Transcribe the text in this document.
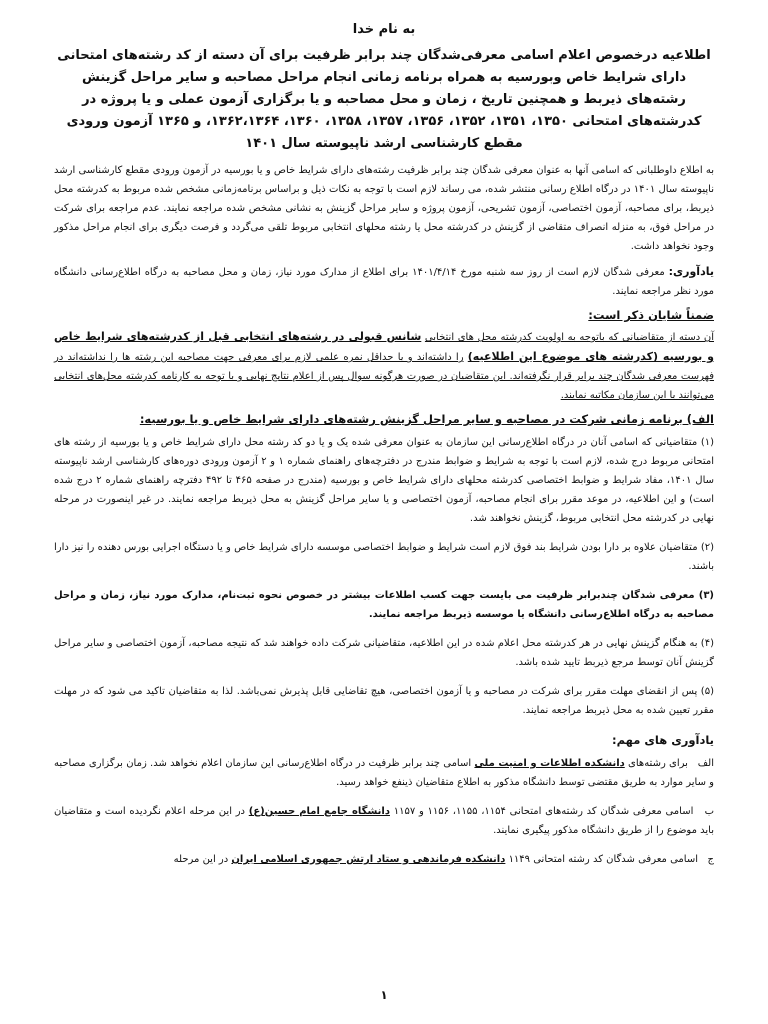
به نام خدا
اطلاعیه درخصوص اعلام اسامی معرفی‌شدگان چند برابر ظرفیت برای آن دسته از کد رشته‌های امتحانی دارای شرایط خاص وبورسیه به همراه برنامه زمانی انجام مراحل مصاحبه و سایر مراحل گزینش رشته‌های ذیربط و همچنین تاریخ ، زمان و محل مصاحبه و یا برگزاری آزمون عملی و یا پروژه در کدرشته‌های امتحانی ۱۳۵۰، ۱۳۵۱، ۱۳۵۲، ۱۳۵۶، ۱۳۵۷، ۱۳۵۸، ۱۳۶۰، ۱۳۶۲،۱۳۶۴، و ۱۳۶۵ آزمون ورودی مقطع کارشناسی ارشد ناپیوسته سال ۱۴۰۱

به اطلاع داوطلبانی که اسامی آنها به عنوان معرفی شدگان چند برابر ظرفیت رشته‌های دارای شرایط خاص و یا بورسیه در آزمون ورودی مقطع کارشناسی ارشد ناپیوسته سال ۱۴۰۱ در درگاه اطلاع رسانی منتشر شده، می رساند لازم است با توجه به نکات ذیل و براساس برنامه‌زمانی مشخص شده مربوط به کدرشته محل ذیربط، برای مصاحبه، آزمون اختصاصی، آزمون تشریحی، آزمون پروژه و سایر مراحل گزینش به نشانی مشخص شده مراجعه نمایند. عدم مراجعه برای شرکت در مراحل فوق، به منزله انصراف متقاضی از گزینش در کدرشته محل یا رشته محلهای انتخابی مربوط تلقی می‌گردد و فرصت دیگری برای انجام مراحل مذکور وجود نخواهد داشت.

یادآوری: معرفی شدگان لازم است از روز سه شنبه مورخ ۱۴۰۱/۴/۱۴ برای اطلاع از مدارک مورد نیاز، زمان و محل مصاحبه به درگاه اطلاع‌رسانی دانشگاه مورد نظر مراجعه نمایند.

ضمناً شایان ذکر است:

آن دسته از متقاضیانی که باتوجه به اولویت کدرشته محل های انتخابی شانس قبولی در رشته‌های انتخابی قبل از کدرشته‌های شرایط خاص و بورسیه (کدرشته های موضوع این اطلاعیه) را داشته‌اند و یا حداقل نمره علمی لازم برای معرفی جهت مصاحبه این رشته ها را نداشته‌اند در فهرست معرفی شدگان چند برابر قرار نگرفته‌اند. این متقاضیان در صورت هرگونه سوال پس از اعلام نتایج نهایی و با توجه به کارنامه کدرشته محل‌های انتخابی می‌توانند با این سازمان مکاتبه نمایند.

الف) برنامه زمانی شرکت در مصاحبه و سایر مراحل گزینش رشته‌های دارای شرایط خاص و یا بورسیه:

(۱) متقاضیانی که اسامی آنان در درگاه اطلاع‌رسانی این سازمان به عنوان معرفی شده یک و یا دو کد رشته محل دارای شرایط خاص و یا بورسیه از رشته های امتحانی مربوط درج شده، لازم است با توجه به شرایط و ضوابط مندرج در دفترچه‌های راهنمای شماره ۱ و ۲ آزمون ورودی دوره‌های کارشناسی ارشد ناپیوسته سال ۱۴۰۱، مفاد شرایط و ضوابط اختصاصی کدرشته محلهای دارای شرایط خاص و بورسیه (مندرج در صفحه ۴۶۵ تا ۴۹۲ دفترچه راهنمای شماره ۲ درج شده است) و این اطلاعیه، در موعد مقرر برای انجام مصاحبه، آزمون اختصاصی و یا سایر مراحل گزینش به محل ذیربط مراجعه نمایند. در غیر اینصورت در مرحله نهایی در کدرشته محل انتخابی مربوط، گزینش نخواهند شد.

(۲) متقاضیان علاوه بر دارا بودن شرایط بند فوق لازم است شرایط و ضوابط اختصاصی موسسه دارای شرایط خاص و یا دستگاه اجرایی بورس دهنده را نیز دارا باشند.

(۳) معرفی شدگان چندبرابر ظرفیت می بایست جهت کسب اطلاعات بیشتر در خصوص نحوه ثبت‌نام، مدارک مورد نیاز، زمان و مراحل مصاحبه به درگاه اطلاع‌رسانی دانشگاه یا موسسه ذیربط مراجعه نمایند.

(۴) به هنگام گزینش نهایی در هر کدرشته محل اعلام شده در این اطلاعیه، متقاضیانی شرکت داده خواهند شد که نتیجه مصاحبه، آزمون اختصاصی و سایر مراحل گزینش آنان توسط مرجع ذیربط تایید شده باشد.

(۵) پس از انقضای مهلت مقرر برای شرکت در مصاحبه و یا آزمون اختصاصی، هیچ تقاضایی قابل پذیرش نمی‌باشد. لذا به متقاضیان تاکید می شود که در مهلت مقرر تعیین شده به محل ذیربط مراجعه نمایند.

یادآوری های مهم:

الف   برای رشته‌های دانشکده اطلاعات و امنیت ملی اسامی چند برابر ظرفیت در درگاه اطلاع‌رسانی این سازمان اعلام نخواهد شد. زمان برگزاری مصاحبه و سایر موارد به طریق مقتضی توسط دانشگاه مذکور به اطلاع متقاضیان ذینفع خواهد رسید.

ب   اسامی معرفی شدگان کد رشته‌های امتحانی ۱۱۵۴، ۱۱۵۵، ۱۱۵۶ و ۱۱۵۷ دانشگاه جامع امام حسین(ع) در این مرحله اعلام نگردیده است و متقاضیان باید موضوع را از طریق دانشگاه مذکور پیگیری نمایند.

ج   اسامی معرفی شدگان کد رشته امتحانی ۱۱۴۹ دانشکده فرماندهی و ستاد ارتش جمهوری اسلامی ایران در این مرحله

۱
